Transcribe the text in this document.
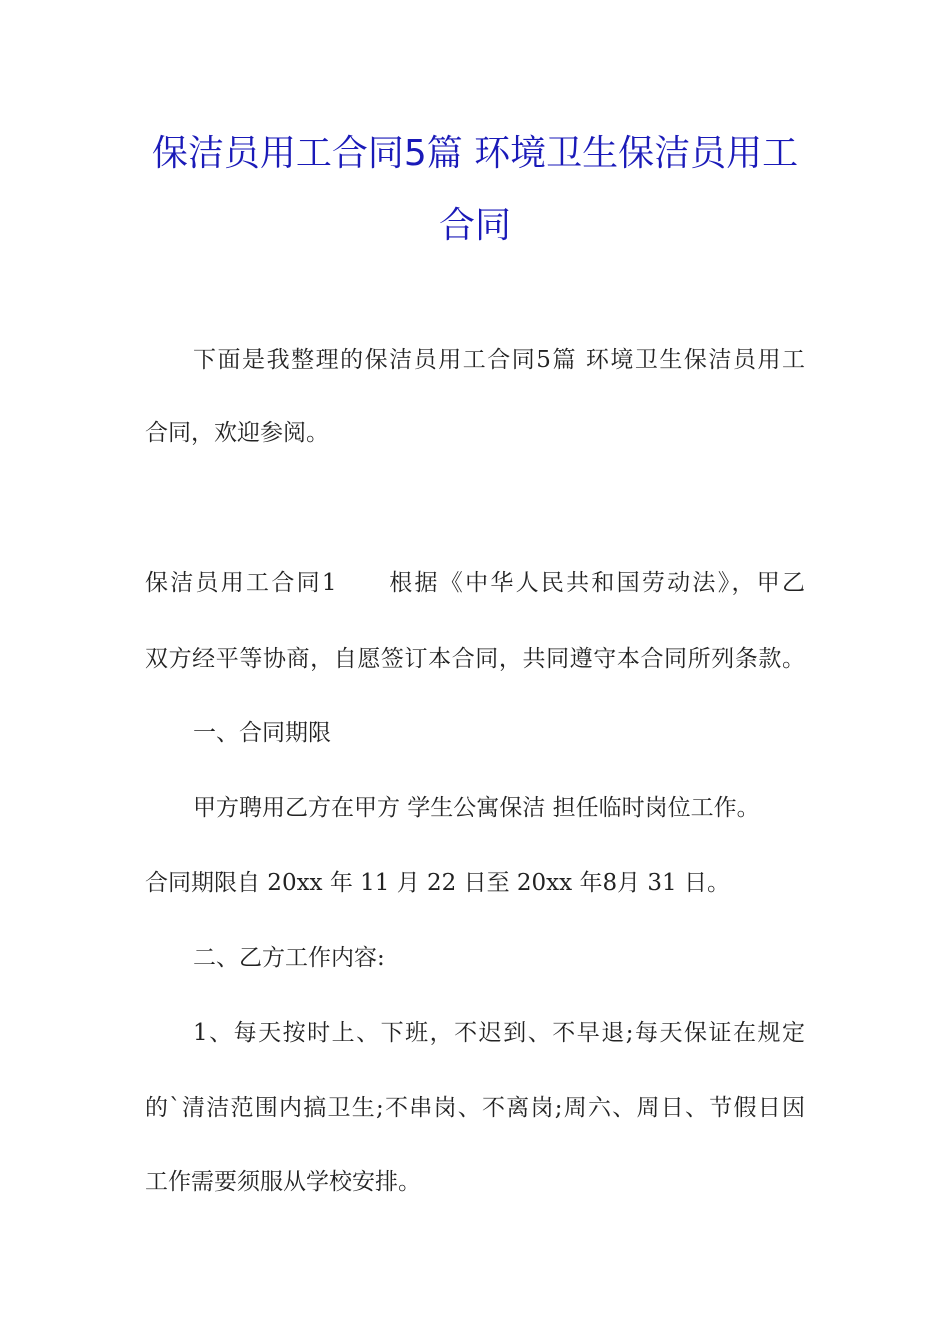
保洁员用工合同5篇 环境卫生保洁员用工
合同
下面是我整理的保洁员用工合同5篇 环境卫生保洁员用工
合同，欢迎参阅。
保洁员用工合同1　　根据《中华人民共和国劳动法》，甲乙
双方经平等协商，自愿签订本合同，共同遵守本合同所列条款。
一、合同期限
甲方聘用乙方在甲方 学生公寓保洁 担任临时岗位工作。
合同期限自 20xx 年 11 月 22 日至 20xx 年8月 31 日。
二、乙方工作内容:
1、每天按时上、下班，不迟到、不早退;每天保证在规定
的`清洁范围内搞卫生;不串岗、不离岗;周六、周日、节假日因
工作需要须服从学校安排。
